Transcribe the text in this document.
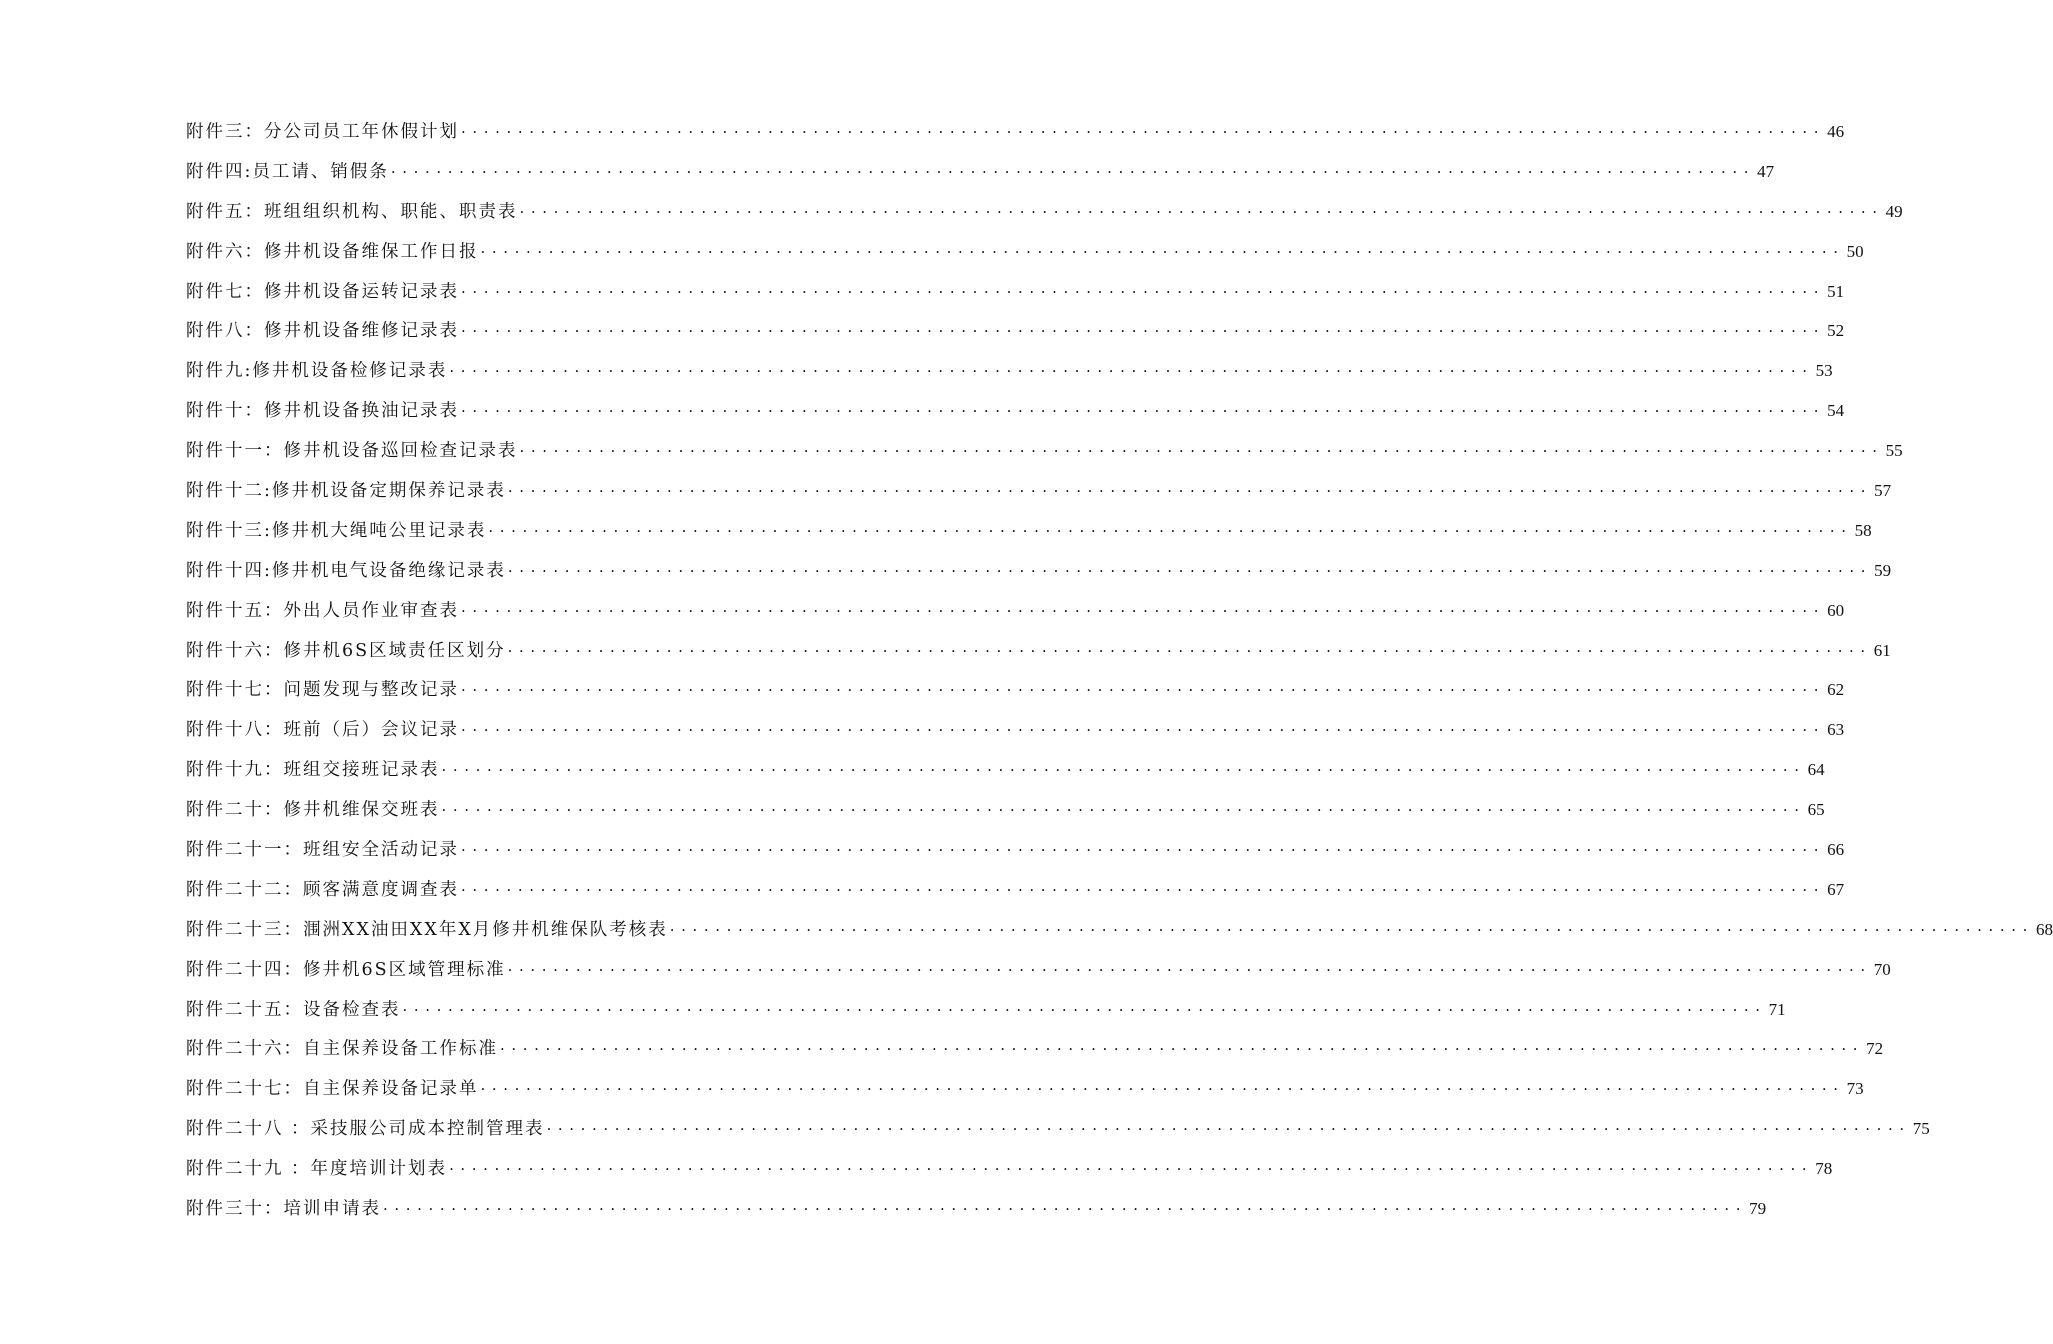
附件三：分公司员工年休假计划 ························································································································ 46
附件四:员工请、销假条 ························································································································ 47
附件五：班组组织机构、职能、职责表 ························································································································ 49
附件六：修井机设备维保工作日报 ························································································································ 50
附件七：修井机设备运转记录表 ························································································································ 51
附件八：修井机设备维修记录表 ························································································································ 52
附件九:修井机设备检修记录表 ························································································································ 53
附件十：修井机设备换油记录表 ························································································································ 54
附件十一：修井机设备巡回检查记录表 ························································································································ 55
附件十二:修井机设备定期保养记录表 ························································································································ 57
附件十三:修井机大绳吨公里记录表 ························································································································ 58
附件十四:修井机电气设备绝缘记录表 ························································································································ 59
附件十五：外出人员作业审查表 ························································································································ 60
附件十六：修井机6S区域责任区划分 ························································································································ 61
附件十七：问题发现与整改记录 ························································································································ 62
附件十八：班前（后）会议记录 ························································································································ 63
附件十九：班组交接班记录表 ························································································································ 64
附件二十：修井机维保交班表 ························································································································ 65
附件二十一：班组安全活动记录 ························································································································ 66
附件二十二：顾客满意度调查表 ························································································································ 67
附件二十三：涠洲XX油田XX年X月修井机维保队考核表 ························································································································ 68
附件二十四：修井机6S区域管理标准 ························································································································ 70
附件二十五：设备检查表 ························································································································ 71
附件二十六：自主保养设备工作标准 ························································································································ 72
附件二十七：自主保养设备记录单 ························································································································ 73
附件二十八 ：采技服公司成本控制管理表 ························································································································ 75
附件二十九 ：年度培训计划表 ························································································································ 78
附件三十：培训申请表 ························································································································ 79
